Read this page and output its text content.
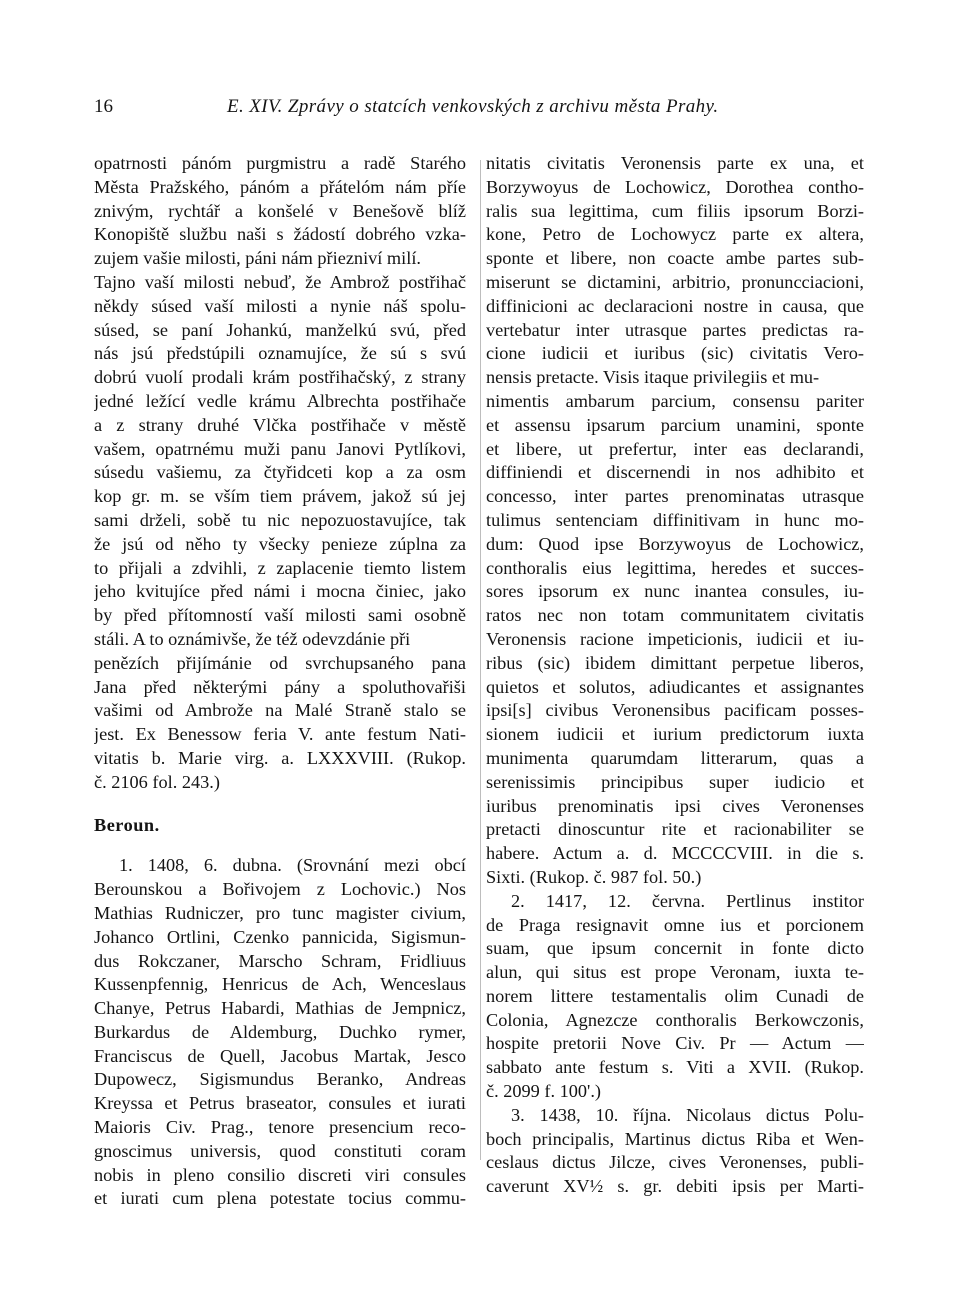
16	E. XIV. Zprávy o statcích venkovských z archivu města Prahy.
opatrnosti pánóm purgmistru a radě Starého
Města Pražského, pánóm a přátelóm nám příe
znivým, rychtář a konšelé v Benešově blíž
Konopiště službu naši s žádostí dobrého vzka-
zujem vašie milosti, páni nám přiezniví milí.
Tajno vaší milosti nebuď, že Ambrož postřihač
někdy súsed vaší milosti a nynie náš spolu-
súsed, se paní Johankú, manželkú svú, před
nás jsú předstúpili oznamujíce, že sú s svú
dobrú vuolí prodali krám postřihačský, z strany
jedné ležící vedle krámu Albrechta postřihače
a z strany druhé Vlčka postřihače v městě
vašem, opatrnému muži panu Janovi Pytlíkovi,
súsedu vašiemu, za čtyřidceti kop a za osm
kop gr. m. se vším tiem právem, jakož sú jej
sami drželi, sobě tu nic nepozuostavujíce, tak
že jsú od něho ty všecky penieze zúplna za
to přijali a zdvihli, z zaplacenie tiemto listem
jeho kvitujíce před námi i mocna činiec, jako
by před přítomností vaší milosti sami osobně
stáli. A to oznámivše, že též odevzdánie při
penězích přijímánie od svrchupsaného pana
Jana před některými pány a spoluthovařiši
vašimi od Ambrože na Malé Straně stalo se
jest. Ex Benessow feria V. ante festum Nati-
vitatis b. Marie virg. a. LXXXVIII. (Rukop.
č. 2106 fol. 243.)
Beroun.
1. 1408, 6. dubna. (Srovnání mezi obcí
Berounskou a Bořivojem z Lochovic.) Nos
Mathias Rudniczer, pro tunc magister civium,
Johanco Ortlini, Czenko pannicida, Sigismun-
dus Rokczaner, Marscho Schram, Fridliuus
Kussenpfennig, Henricus de Ach, Wenceslaus
Chanye, Petrus Habardi, Mathias de Jempnicz,
Burkardus de Aldemburg, Duchko rymer,
Franciscus de Quell, Jacobus Martak, Jesco
Dupowecz, Sigismundus Beranko, Andreas
Kreyssa et Petrus braseator, consules et iurati
Maioris Civ. Prag., tenore presencium reco-
gnoscimus universis, quod constituti coram
nobis in pleno consilio discreti viri consules
et iurati cum plena potestate tocius commu-
nitatis civitatis Veronensis parte ex una, et
Borzywoyus de Lochowicz, Dorothea contho-
ralis sua legittima, cum filiis ipsorum Borzi-
kone, Petro de Lochowycz parte ex altera,
sponte et libere, non coacte ambe partes sub-
miserunt se dictamini, arbitrio, pronuncciacioni,
diffinicioni ac declaracioni nostre in causa, que
vertebatur inter utrasque partes predictas ra-
cione iudicii et iuribus (sic) civitatis Vero-
nensis pretacte. Visis itaque privilegiis et mu-
nimentis ambarum parcium, consensu pariter
et assensu ipsarum parcium unamini, sponte
et libere, ut prefertur, inter eas declarandi,
diffiniendi et discernendi in nos adhibito et
concesso, inter partes prenominatas utrasque
tulimus sentenciam diffinitivam in hunc mo-
dum: Quod ipse Borzywoyus de Lochowicz,
conthoralis eius legittima, heredes et succes-
sores ipsorum ex nunc inantea consules, iu-
ratos nec non totam communitatem civitatis
Veronensis racione impeticionis, iudicii et iu-
ribus (sic) ibidem dimittant perpetue liberos,
quietos et solutos, adiudicantes et assignantes
ipsi[s] civibus Veronensibus pacificam posses-
sionem iudicii et iurium predictorum iuxta
munimenta quarumdam litterarum, quas a
serenissimis principibus super iudicio et
iuribus prenominatis ipsi cives Veronenses
pretacti dinoscuntur rite et racionabiliter se
habere. Actum a. d. MCCCCVIII. in die s.
Sixti. (Rukop. č. 987 fol. 50.)
2. 1417, 12. června. Pertlinus institor
de Praga resignavit omne ius et porcionem
suam, que ipsum concernit in fonte dicto
alun, qui situs est prope Veronam, iuxta te-
norem littere testamentalis olim Cunadi de
Colonia, Agnezcze conthoralis Berkowczonis,
hospite pretorii Nove Civ. Pr — Actum —
sabbato ante festum s. Viti a XVII. (Rukop.
č. 2099 f. 100'.)
3. 1438, 10. října. Nicolaus dictus Polu-
boch principalis, Martinus dictus Riba et Wen-
ceslaus dictus Jilcze, cives Veronenses, publi-
caverunt XV½ s. gr. debiti ipsis per Marti-
